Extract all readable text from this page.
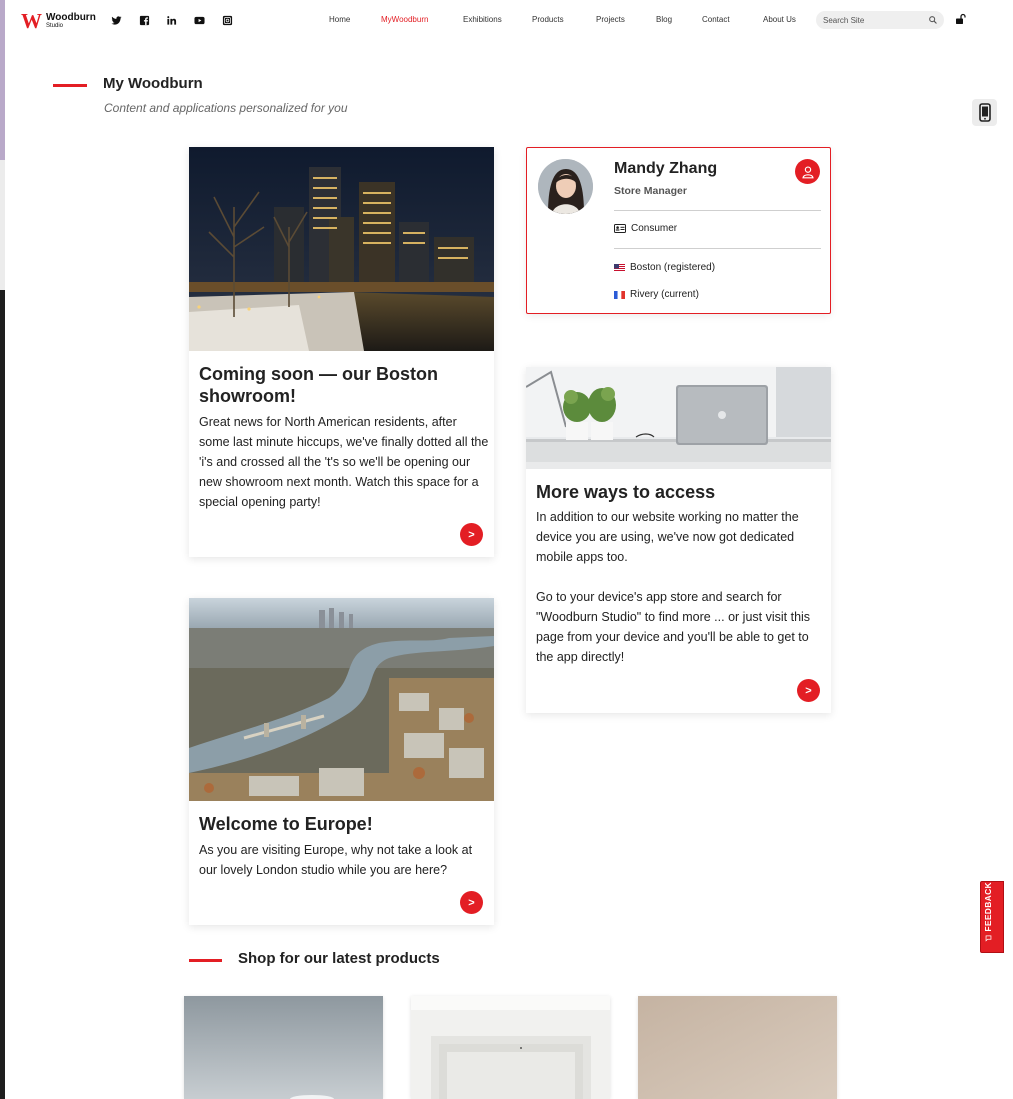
W Woodburn
Studio
Home	MyWoodburn	Exhibitions	Products	Projects	Blog	Contact	About Us
Search Site
My Woodburn

Content and applications personalized for you

Coming soon — our Boston showroom!

Great news for North American residents, after some last minute hiccups, we've finally dotted all the 'i's and crossed all the 't's so we'll be opening our new showroom next month. Watch this space for a special opening party!

>
Mandy Zhang
Store Manager
Consumer
Boston (registered)
Rivery (current)
More ways to access

In addition to our website working no matter the device you are using, we've now got dedicated mobile apps too.

Go to your device's app store and search for "Woodburn Studio" to find more ... or just visit this page from your device and you'll be able to get to the app directly!

>
Welcome to Europe!

As you are visiting Europe, why not take a look at our lovely London studio while you are here?

>
Shop for our latest products
FEEDBACK
